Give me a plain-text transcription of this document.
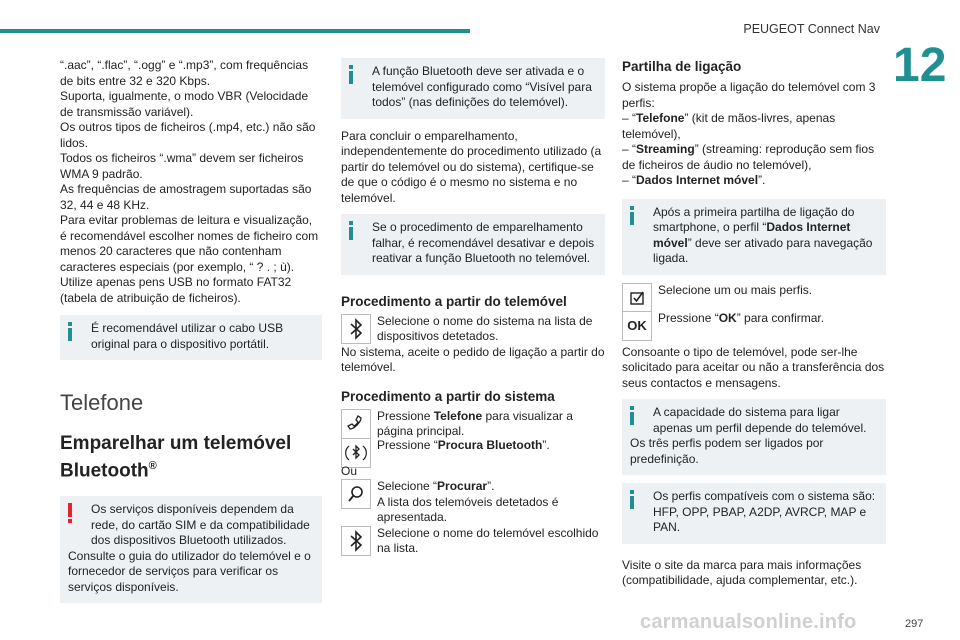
PEUGEOT Connect Nav
12

“.aac”, “.flac”, “.ogg” e “.mp3”, com frequências de bits entre 32 e 320 Kbps.

Suporta, igualmente, o modo VBR (Velocidade de transmissão variável).

Os outros tipos de ficheiros (.mp4, etc.) não são lidos.

Todos os ficheiros “.wma” devem ser ficheiros WMA 9 padrão.

As frequências de amostragem suportadas são 32, 44 e 48 KHz.

Para evitar problemas de leitura e visualização, é recomendável escolher nomes de ficheiro com menos 20 caracteres que não contenham caracteres especiais (por exemplo, “ ? . ; ù).

Utilize apenas pens USB no formato FAT32 (tabela de atribuição de ficheiros).

É recomendável utilizar o cabo USB original para o dispositivo portátil.

Telefone
Emparelhar um telemóvel Bluetooth®

Os serviços disponíveis dependem da rede, do cartão SIM e da compatibilidade dos dispositivos Bluetooth utilizados.

Consulte o guia do utilizador do telemóvel e o fornecedor de serviços para verificar os serviços disponíveis.

A função Bluetooth deve ser ativada e o telemóvel configurado como “Visível para todos” (nas definições do telemóvel).

Para concluir o emparelhamento, independentemente do procedimento utilizado (a partir do telemóvel ou do sistema), certifique-se de que o código é o mesmo no sistema e no telemóvel.

Se o procedimento de emparelhamento falhar, é recomendável desativar e depois reativar a função Bluetooth no telemóvel.

Procedimento a partir do telemóvel

Selecione o nome do sistema na lista de dispositivos detetados.

No sistema, aceite o pedido de ligação a partir do telemóvel.

Procedimento a partir do sistema

Pressione Telefone para visualizar a página principal.

Pressione “Procura Bluetooth”.

Ou

Selecione “Procurar”.
A lista dos telemóveis detetados é apresentada.

Selecione o nome do telemóvel escolhido na lista.

Partilha de ligação

O sistema propõe a ligação do telemóvel com 3 perfis:

– “Telefone” (kit de mãos-livres, apenas telemóvel),

– “Streaming” (streaming: reprodução sem fios de ficheiros de áudio no telemóvel),

– “Dados Internet móvel”.

Após a primeira partilha de ligação do smartphone, o perfil “Dados Internet móvel” deve ser ativado para navegação ligada.

Selecione um ou mais perfis.

OK

Pressione “OK” para confirmar.

Consoante o tipo de telemóvel, pode ser-lhe solicitado para aceitar ou não a transferência dos seus contactos e mensagens.

A capacidade do sistema para ligar apenas um perfil depende do telemóvel.

Os três perfis podem ser ligados por predefinição.

Os perfis compatíveis com o sistema são: HFP, OPP, PBAP, A2DP, AVRCP, MAP e PAN.

Visite o site da marca para mais informações (compatibilidade, ajuda complementar, etc.).

carmanualsonline.info	297
